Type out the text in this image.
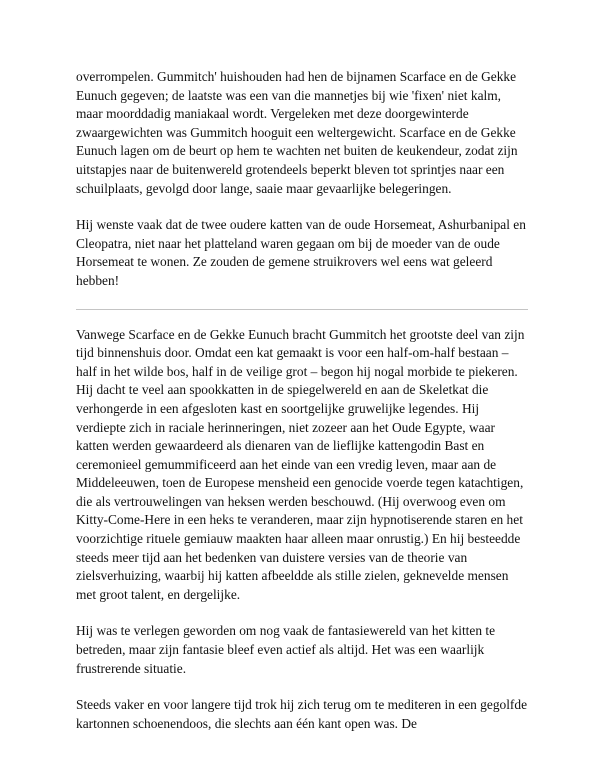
overrompelen. Gummitch' huishouden had hen de bijnamen Scarface en de Gekke Eunuch gegeven; de laatste was een van die mannetjes bij wie 'fixen' niet kalm, maar moorddadig maniakaal wordt. Vergeleken met deze doorgewinterde zwaargewichten was Gummitch hooguit een weltergewicht. Scarface en de Gekke Eunuch lagen om de beurt op hem te wachten net buiten de keukendeur, zodat zijn uitstapjes naar de buitenwereld grotendeels beperkt bleven tot sprintjes naar een schuilplaats, gevolgd door lange, saaie maar gevaarlijke belegeringen.

Hij wenste vaak dat de twee oudere katten van de oude Horsemeat, Ashurbanipal en Cleopatra, niet naar het platteland waren gegaan om bij de moeder van de oude Horsemeat te wonen. Ze zouden de gemene struikrovers wel eens wat geleerd hebben!

Vanwege Scarface en de Gekke Eunuch bracht Gummitch het grootste deel van zijn tijd binnenshuis door. Omdat een kat gemaakt is voor een half-om-half bestaan – half in het wilde bos, half in de veilige grot – begon hij nogal morbide te piekeren. Hij dacht te veel aan spookkatten in de spiegelwereld en aan de Skeletkat die verhongerde in een afgesloten kast en soortgelijke gruwelijke legendes. Hij verdiepte zich in raciale herinneringen, niet zozeer aan het Oude Egypte, waar katten werden gewaardeerd als dienaren van de lieflijke kattengodin Bast en ceremonieel gemummificeerd aan het einde van een vredig leven, maar aan de Middeleeuwen, toen de Europese mensheid een genocide voerde tegen katachtigen, die als vertrouwelingen van heksen werden beschouwd. (Hij overwoog even om Kitty-Come-Here in een heks te veranderen, maar zijn hypnotiserende staren en het voorzichtige rituele gemiauw maakten haar alleen maar onrustig.) En hij besteedde steeds meer tijd aan het bedenken van duistere versies van de theorie van zielsverhuizing, waarbij hij katten afbeeldde als stille zielen, geknevelde mensen met groot talent, en dergelijke.

Hij was te verlegen geworden om nog vaak de fantasiewereld van het kitten te betreden, maar zijn fantasie bleef even actief als altijd. Het was een waarlijk frustrerende situatie.

Steeds vaker en voor langere tijd trok hij zich terug om te mediteren in een gegolfde kartonnen schoenendoos, die slechts aan één kant open was. De
